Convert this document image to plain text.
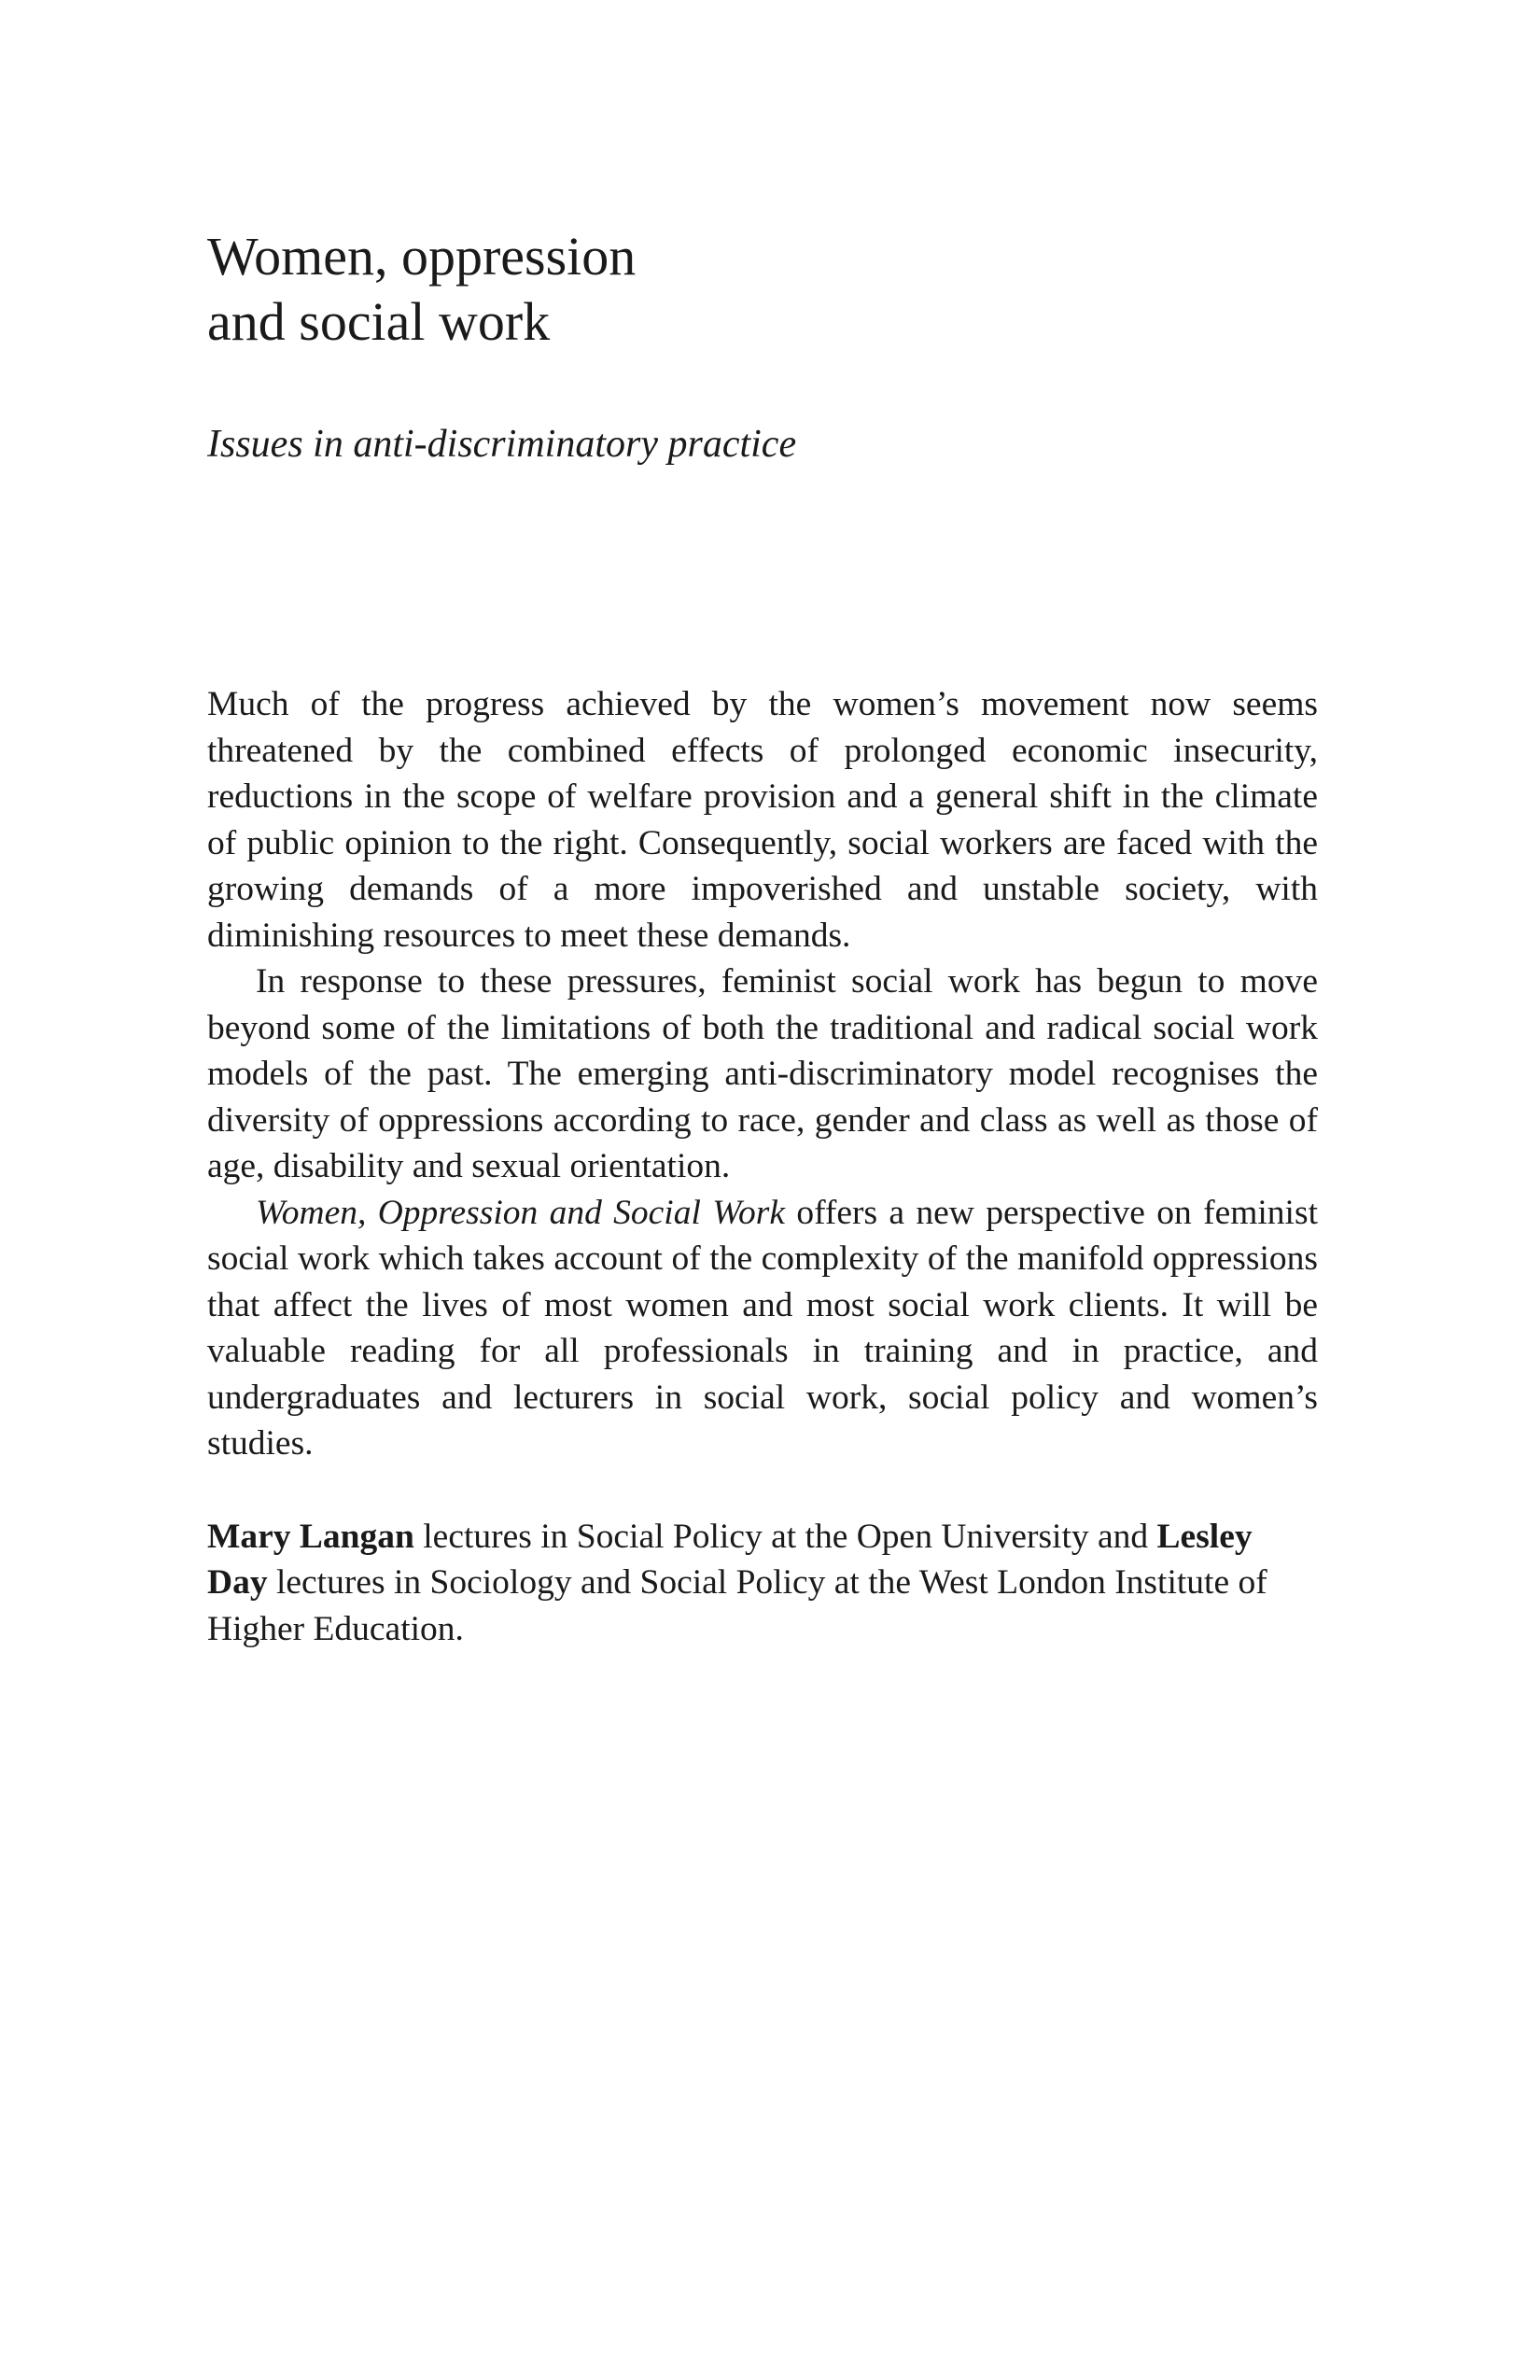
Women, oppression
and social work
Issues in anti-discriminatory practice

Much of the progress achieved by the women’s movement now seems threatened by the combined effects of prolonged economic insecurity, reductions in the scope of welfare provision and a general shift in the climate of public opinion to the right. Consequently, social workers are faced with the growing demands of a more impoverished and unstable society, with diminishing resources to meet these demands.

In response to these pressures, feminist social work has begun to move beyond some of the limitations of both the traditional and radical social work models of the past. The emerging anti-discriminatory model recognises the diversity of oppressions according to race, gender and class as well as those of age, disability and sexual orientation.

Women, Oppression and Social Work offers a new perspective on feminist social work which takes account of the complexity of the manifold oppressions that affect the lives of most women and most social work clients. It will be valuable reading for all professionals in training and in practice, and undergraduates and lecturers in social work, social policy and women’s studies.

Mary Langan lectures in Social Policy at the Open University and Lesley Day lectures in Sociology and Social Policy at the West London Institute of Higher Education.
